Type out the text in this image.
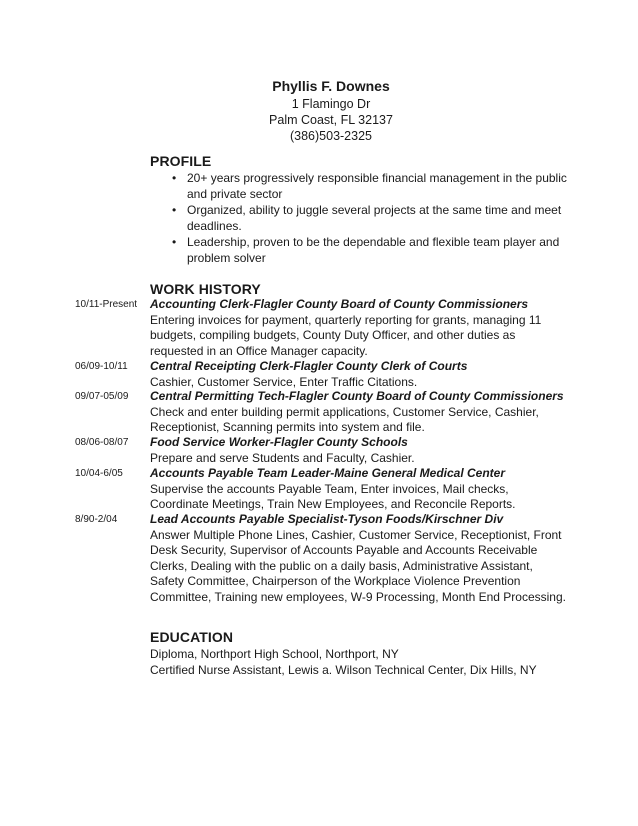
Phyllis F. Downes
1 Flamingo Dr
Palm Coast, FL 32137
(386)503-2325
PROFILE
• 20+ years progressively responsible financial management in the public and private sector
• Organized, ability to juggle several projects at the same time and meet deadlines.
• Leadership, proven to be the dependable and flexible team player and problem solver
WORK HISTORY
10/11-Present Accounting Clerk-Flagler County Board of County Commissioners
Entering invoices for payment, quarterly reporting for grants, managing 11 budgets, compiling budgets, County Duty Officer, and other duties as requested in an Office Manager capacity.
06/09-10/11 Central Receipting Clerk-Flagler County Clerk of Courts
Cashier, Customer Service, Enter Traffic Citations.
09/07-05/09 Central Permitting Tech-Flagler County Board of County Commissioners
Check and enter building permit applications, Customer Service, Cashier, Receptionist, Scanning permits into system and file.
08/06-08/07 Food Service Worker-Flagler County Schools
Prepare and serve Students and Faculty, Cashier.
10/04-6/05 Accounts Payable Team Leader-Maine General Medical Center
Supervise the accounts Payable Team, Enter invoices, Mail checks, Coordinate Meetings, Train New Employees, and Reconcile Reports.
8/90-2/04	Lead Accounts Payable Specialist-Tyson Foods/Kirschner Div
Answer Multiple Phone Lines, Cashier, Customer Service, Receptionist, Front Desk Security, Supervisor of Accounts Payable and Accounts Receivable Clerks, Dealing with the public on a daily basis, Administrative Assistant, Safety Committee, Chairperson of the Workplace Violence Prevention Committee, Training new employees, W-9 Processing, Month End Processing.
EDUCATION
Diploma, Northport High School, Northport, NY
Certified Nurse Assistant, Lewis a. Wilson Technical Center, Dix Hills, NY
